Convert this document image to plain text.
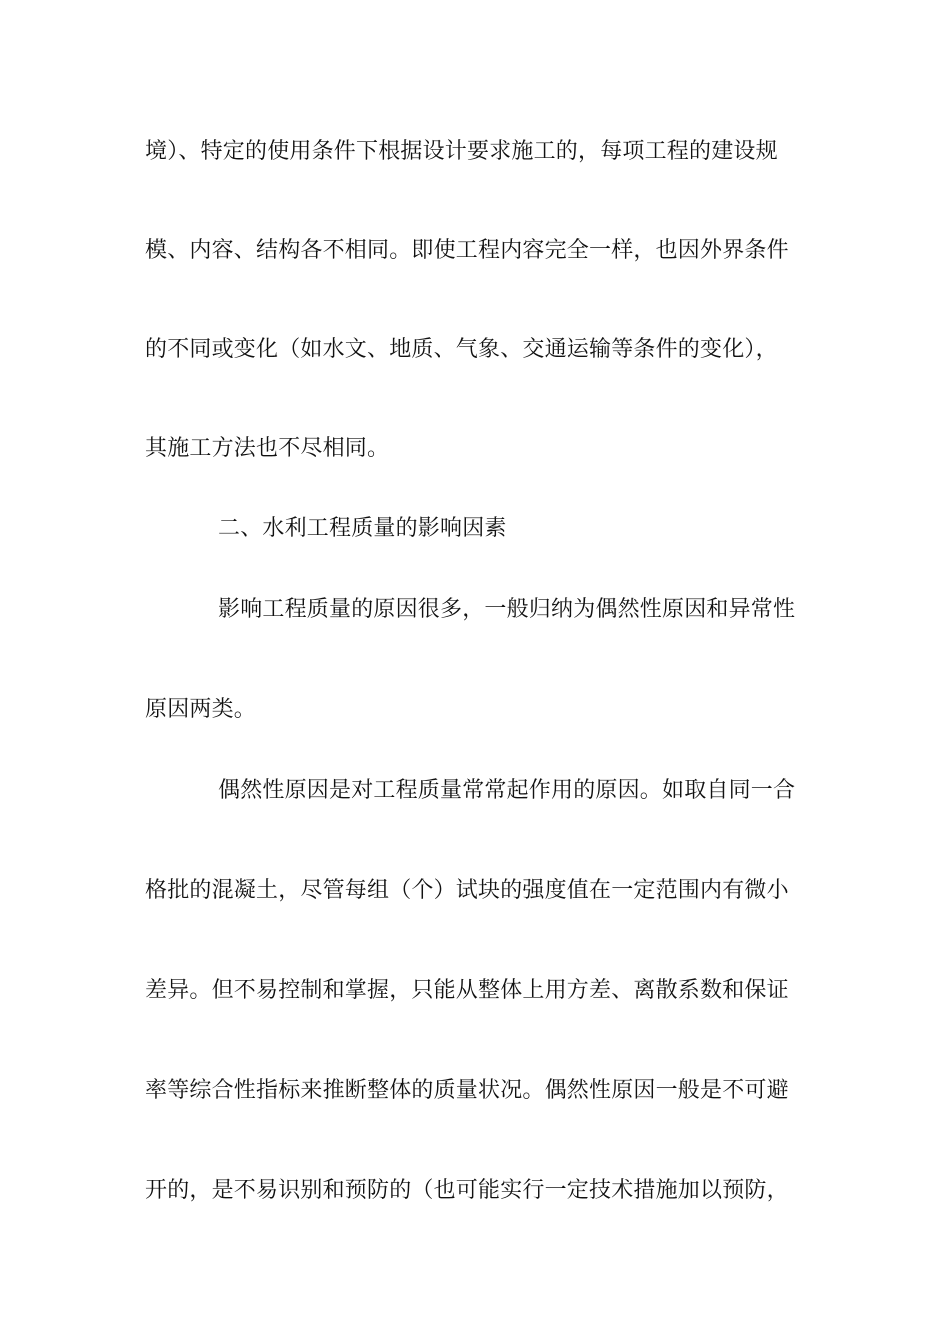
境）、特定的使用条件下根据设计要求施工的，每项工程的建设规
模、内容、结构各不相同。即使工程内容完全一样，也因外界条件
的不同或变化（如水文、地质、气象、交通运输等条件的变化），
其施工方法也不尽相同。
二、水利工程质量的影响因素
影响工程质量的原因很多，一般归纳为偶然性原因和异常性
原因两类。
偶然性原因是对工程质量常常起作用的原因。如取自同一合
格批的混凝土，尽管每组（个）试块的强度值在一定范围内有微小
差异。但不易控制和掌握，只能从整体上用方差、离散系数和保证
率等综合性指标来推断整体的质量状况。偶然性原因一般是不可避
开的，是不易识别和预防的（也可能实行一定技术措施加以预防，
